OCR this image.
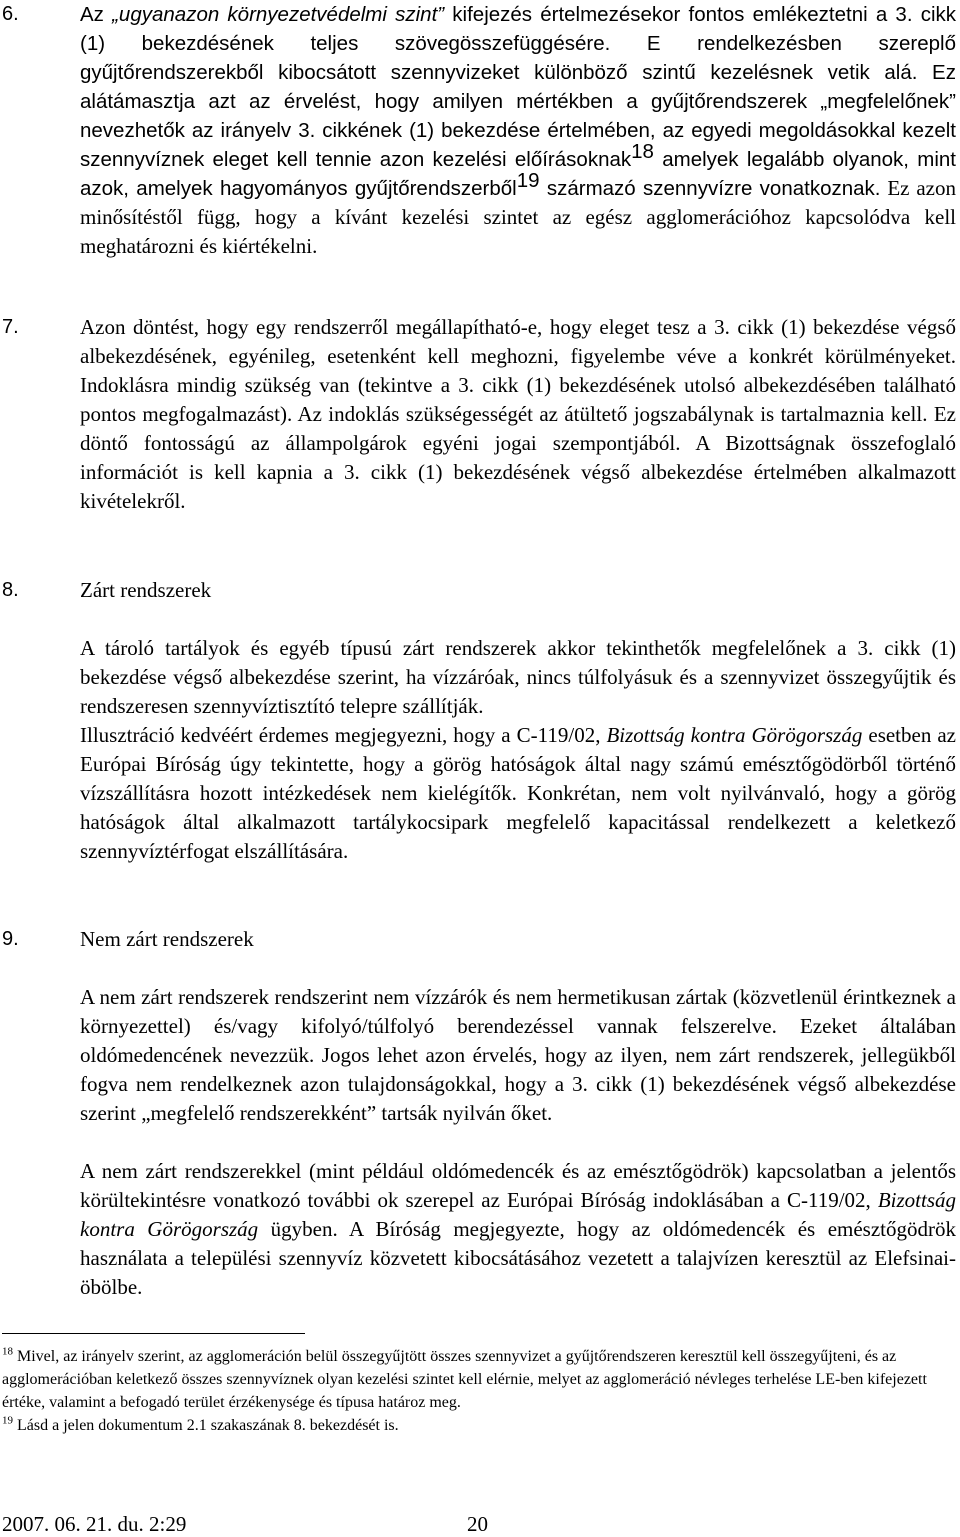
6.	Az „ugyanazon környezetvédelmi szint” kifejezés értelmezésekor fontos emlékeztetni a 3. cikk (1) bekezdésének teljes szövegösszefüggésére. E rendelkezésben szereplő gyűjtőrendszerekből kibocsátott szennyvizeket különböző szintű kezelésnek vetik alá. Ez alátámasztja azt az érvelést, hogy amilyen mértékben a gyűjtőrendszerek „megfelelőnek” nevezhetők az irányelv 3. cikkének (1) bekezdése értelmében, az egyedi megoldásokkal kezelt szennyvíznek eleget kell tennie azon kezelési előírásoknak$^{18}$ amelyek legalább olyanok, mint azok, amelyek hagyományos gyűjtőrendszerből$^{19}$ származó szennyvízre vonatkoznak. Ez azon minősítéstől függ, hogy a kívánt kezelési szintet az egész agglomerációhoz kapcsolódva kell meghatározni és kiértékelni.
7.	Azon döntést, hogy egy rendszerről megállapítható-e, hogy eleget tesz a 3. cikk (1) bekezdése végső albekezdésének, egyénileg, esetenként kell meghozni, figyelembe véve a konkrét körülményeket. Indoklásra mindig szükség van (tekintve a 3. cikk (1) bekezdésének utolsó albekezdésében található pontos megfogalmazást). Az indoklás szükségességét az átültető jogszabálynak is tartalmaznia kell. Ez döntő fontosságú az állampolgárok egyéni jogai szempontjából. A Bizottságnak összefoglaló információt is kell kapnia a 3. cikk (1) bekezdésének végső albekezdése értelmében alkalmazott kivételekről.
8.	Zárt rendszerek
A tároló tartályok és egyéb típusú zárt rendszerek akkor tekinthetők megfelelőnek a 3. cikk (1) bekezdése végső albekezdése szerint, ha vízzáróak, nincs túlfolyásuk és a szennyvizet összegyűjtik és rendszeresen szennyvíztisztító telepre szállítják.
Illusztráció kedvéért érdemes megjegyezni, hogy a C-119/02, Bizottság kontra Görögország esetben az Európai Bíróság úgy tekintette, hogy a görög hatóságok által nagy számú emésztőgödörből történő vízszállításra hozott intézkedések nem kielégítők. Konkrétan, nem volt nyilvánvaló, hogy a görög hatóságok által alkalmazott tartálykocsipark megfelelő kapacitással rendelkezett a keletkező szennyvíztérfogat elszállítására.
9.	Nem zárt rendszerek
A nem zárt rendszerek rendszerint nem vízzárók és nem hermetikusan zártak (közvetlenül érintkeznek a környezettel) és/vagy kifolyó/túlfolyó berendezéssel vannak felszerelve. Ezeket általában oldómedencének nevezzük. Jogos lehet azon érvelés, hogy az ilyen, nem zárt rendszerek, jellegükből fogva nem rendelkeznek azon tulajdonságokkal, hogy a 3. cikk (1) bekezdésének végső albekezdése szerint „megfelelő rendszerekként” tartsák nyilván őket.
A nem zárt rendszerekkel (mint például oldómedencék és az emésztőgödrök) kapcsolatban a jelentős körültekintésre vonatkozó további ok szerepel az Európai Bíróság indoklásában a C-119/02, Bizottság kontra Görögország ügyben. A Bíróság megjegyezte, hogy az oldómedencék és emésztőgödrök használata a települési szennyvíz közvetett kibocsátásához vezetett a talajvízen keresztül az Elefsinai-öbölbe.
$^{18}$ Mivel, az irányelv szerint, az agglomeráción belül összegyűjtött összes szennyvizet a gyűjtőrendszeren keresztül kell összegyűjteni, és az agglomerációban keletkező összes szennyvíznek olyan kezelési szintet kell elérnie, melyet az agglomeráció névleges terhelése LE-ben kifejezett értéke, valamint a befogadó terület érzékenysége és típusa határoz meg.
$^{19}$ Lásd a jelen dokumentum 2.1 szakaszának 8. bekezdését is.
2007. 06. 21. du. 2:29	20
